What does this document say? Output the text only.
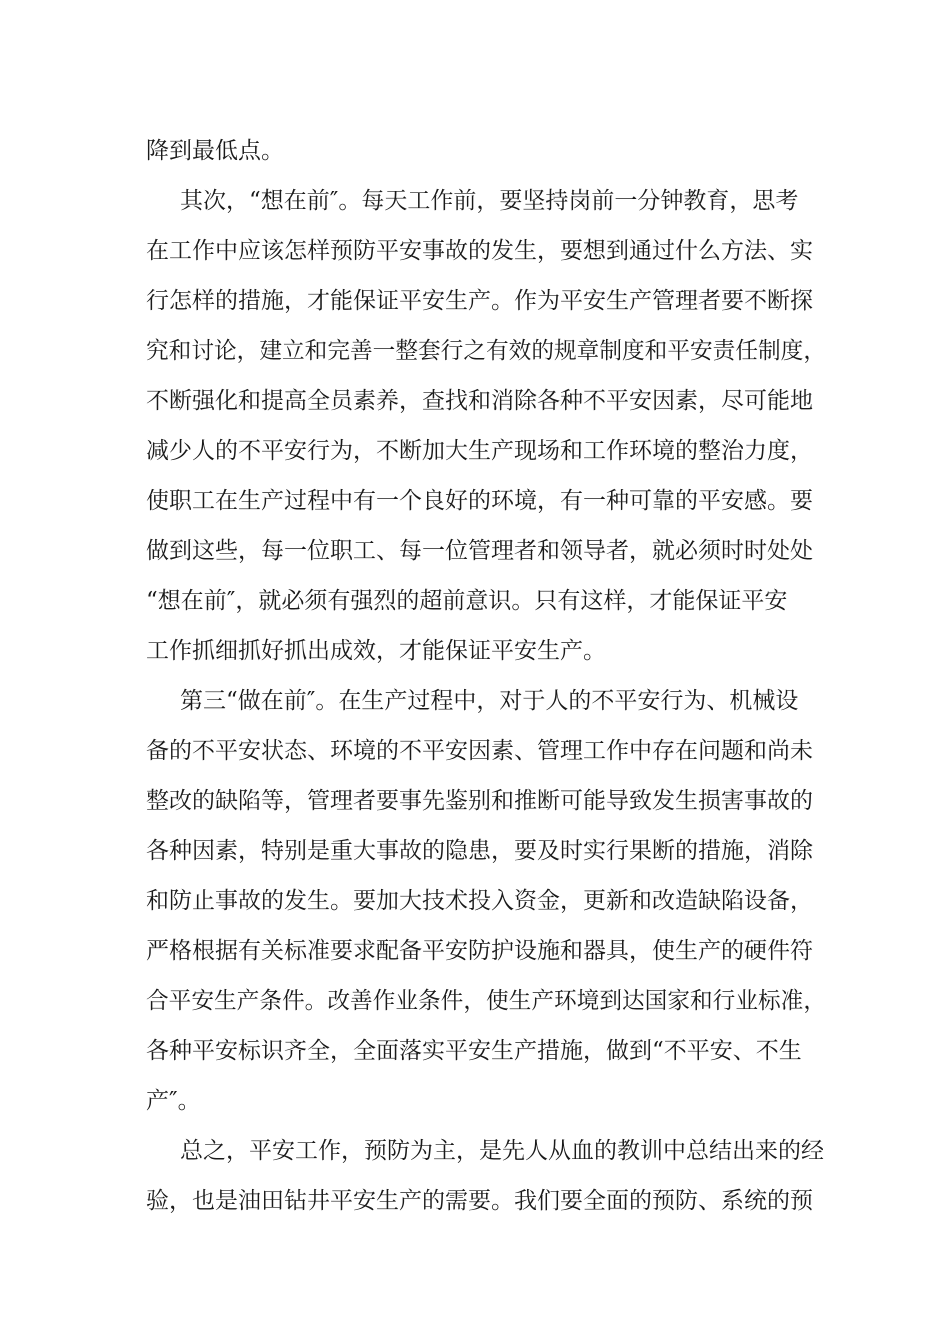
降到最低点。
其次，“想在前″。每天工作前，要坚持岗前一分钟教育，思考
在工作中应该怎样预防平安事故的发生，要想到通过什么方法、实
行怎样的措施，才能保证平安生产。作为平安生产管理者要不断探
究和讨论，建立和完善一整套行之有效的规章制度和平安责任制度，
不断强化和提高全员素养，查找和消除各种不平安因素，尽可能地
减少人的不平安行为，不断加大生产现场和工作环境的整治力度，
使职工在生产过程中有一个良好的环境，有一种可靠的平安感。要
做到这些，每一位职工、每一位管理者和领导者，就必须时时处处
“想在前″，就必须有强烈的超前意识。只有这样，才能保证平安
工作抓细抓好抓出成效，才能保证平安生产。
第三“做在前″。在生产过程中，对于人的不平安行为、机械设
备的不平安状态、环境的不平安因素、管理工作中存在问题和尚未
整改的缺陷等，管理者要事先鉴别和推断可能导致发生损害事故的
各种因素，特别是重大事故的隐患，要及时实行果断的措施，消除
和防止事故的发生。要加大技术投入资金，更新和改造缺陷设备，
严格根据有关标准要求配备平安防护设施和器具，使生产的硬件符
合平安生产条件。改善作业条件，使生产环境到达国家和行业标准，
各种平安标识齐全，全面落实平安生产措施，做到“不平安、不生
产″。
总之，平安工作，预防为主，是先人从血的教训中总结出来的经
验，也是油田钻井平安生产的需要。我们要全面的预防、系统的预
